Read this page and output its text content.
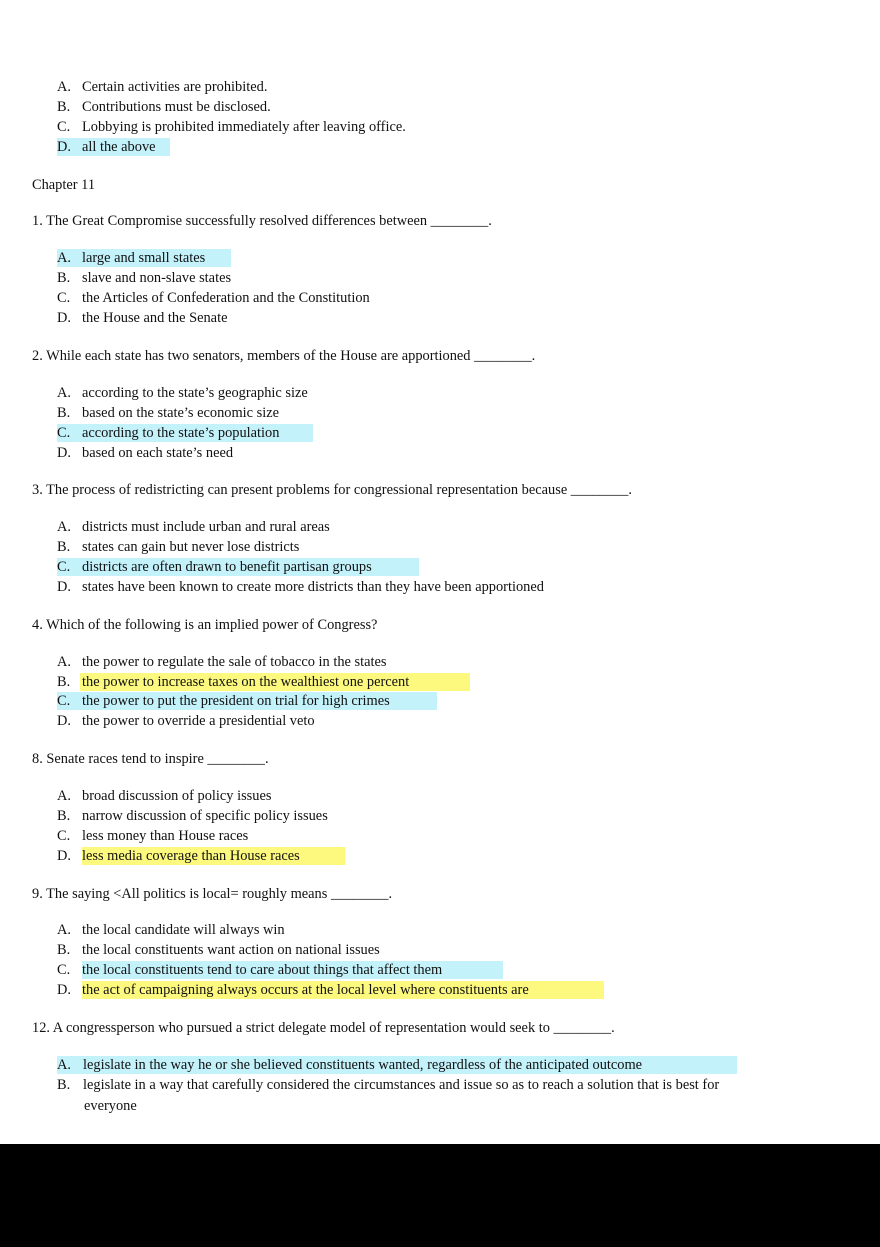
A. Certain activities are prohibited.
B. Contributions must be disclosed.
C. Lobbying is prohibited immediately after leaving office.
D. all the above
Chapter 11
1. The Great Compromise successfully resolved differences between ________.
A. large and small states
B. slave and non-slave states
C. the Articles of Confederation and the Constitution
D. the House and the Senate
2. While each state has two senators, members of the House are apportioned ________.
A. according to the state’s geographic size
B. based on the state’s economic size
C. according to the state’s population
D. based on each state’s need
3. The process of redistricting can present problems for congressional representation because ________.
A. districts must include urban and rural areas
B. states can gain but never lose districts
C. districts are often drawn to benefit partisan groups
D. states have been known to create more districts than they have been apportioned
4. Which of the following is an implied power of Congress?
A. the power to regulate the sale of tobacco in the states
B. the power to increase taxes on the wealthiest one percent
C. the power to put the president on trial for high crimes
D. the power to override a presidential veto
8. Senate races tend to inspire ________.
A. broad discussion of policy issues
B. narrow discussion of specific policy issues
C. less money than House races
D. less media coverage than House races
9. The saying <All politics is local= roughly means ________.
A. the local candidate will always win
B. the local constituents want action on national issues
C. the local constituents tend to care about things that affect them
D. the act of campaigning always occurs at the local level where constituents are
12. A congressperson who pursued a strict delegate model of representation would seek to ________.
A. legislate in the way he or she believed constituents wanted, regardless of the anticipated outcome
B. legislate in a way that carefully considered the circumstances and issue so as to reach a solution that is best for
everyone
